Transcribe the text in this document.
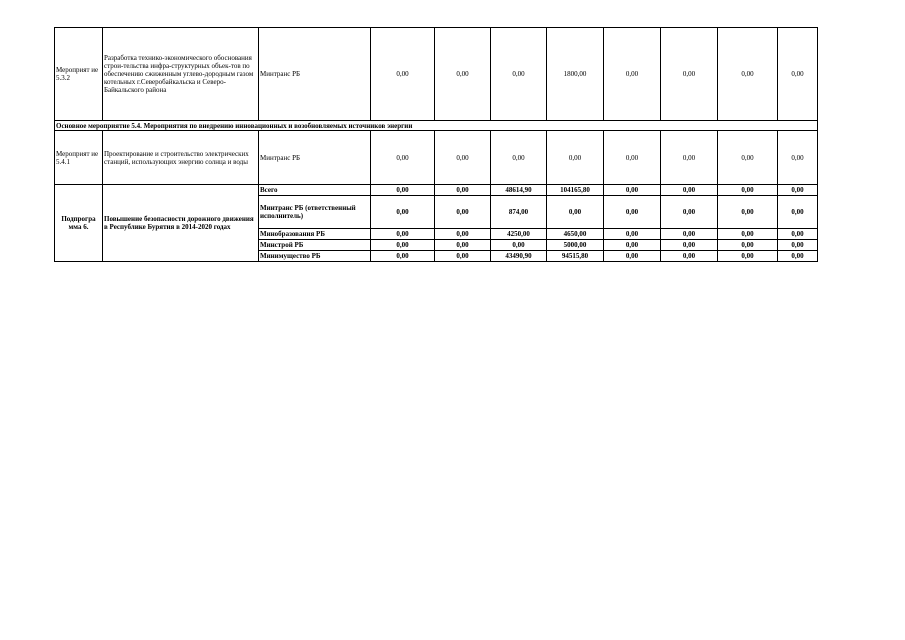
Мероприят ие 5.3.2	Разработка технико-экономического обоснования строи-тельства инфра-структурных объек-тов по обеспечению сжиженным углево-дородным газом котельных г.Северобайкальска и Северо-Байкальского района	Минтранс РБ	0,00	0,00	0,00	1800,00	0,00	0,00	0,00	0,00
Основное мероприятие 5.4. Мероприятия по внедрению инновационных и возобновляемых источников энергии										
Мероприят ие 5.4.1	Проектирование и строительство электрических станций, использующих энергию солнца и воды	Минтранс РБ	0,00	0,00	0,00	0,00	0,00	0,00	0,00	0,00
Подпрогра мма 6.	Повышение безопасности дорожного движения в Республике Бурятия в 2014-2020 годах	Всего	0,00	0,00	48614,90	104165,80	0,00	0,00	0,00	0,00
		Минтранс РБ (ответственный исполнитель)	0,00	0,00	874,00	0,00	0,00	0,00	0,00	0,00
		Минобразования РБ	0,00	0,00	4250,00	4650,00	0,00	0,00	0,00	0,00
		Минстрой РБ	0,00	0,00	0,00	5000,00	0,00	0,00	0,00	0,00
		Минимущество РБ	0,00	0,00	43490,90	94515,80	0,00	0,00	0,00	0,00
